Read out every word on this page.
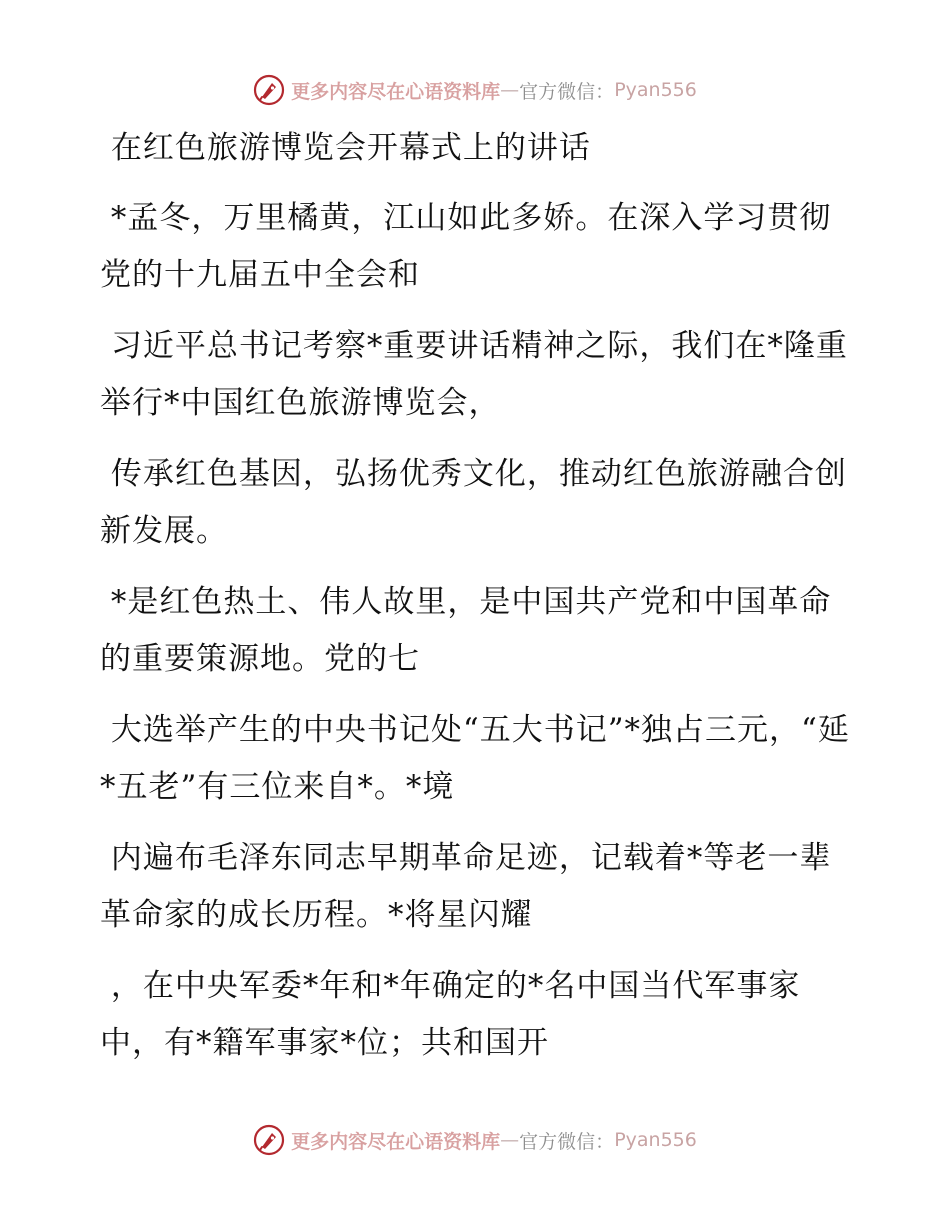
更多内容尽在心语资料库 — 官方微信： Pyan556

在红色旅游博览会开幕式上的讲话

*孟冬，万里橘黄，江山如此多娇。在深入学习贯彻党的十九届五中全会和

习近平总书记考察*重要讲话精神之际，我们在*隆重举行*中国红色旅游博览会，

传承红色基因，弘扬优秀文化，推动红色旅游融合创新发展。

*是红色热土、伟人故里，是中国共产党和中国革命的重要策源地。党的七

大选举产生的中央书记处“五大书记”*独占三元，“延*五老”有三位来自*。*境

内遍布毛泽东同志早期革命足迹，记载着*等老一辈革命家的成长历程。*将星闪耀

，在中央军委*年和*年确定的*名中国当代军事家中，有*籍军事家*位；共和国开

更多内容尽在心语资料库 — 官方微信： Pyan556
